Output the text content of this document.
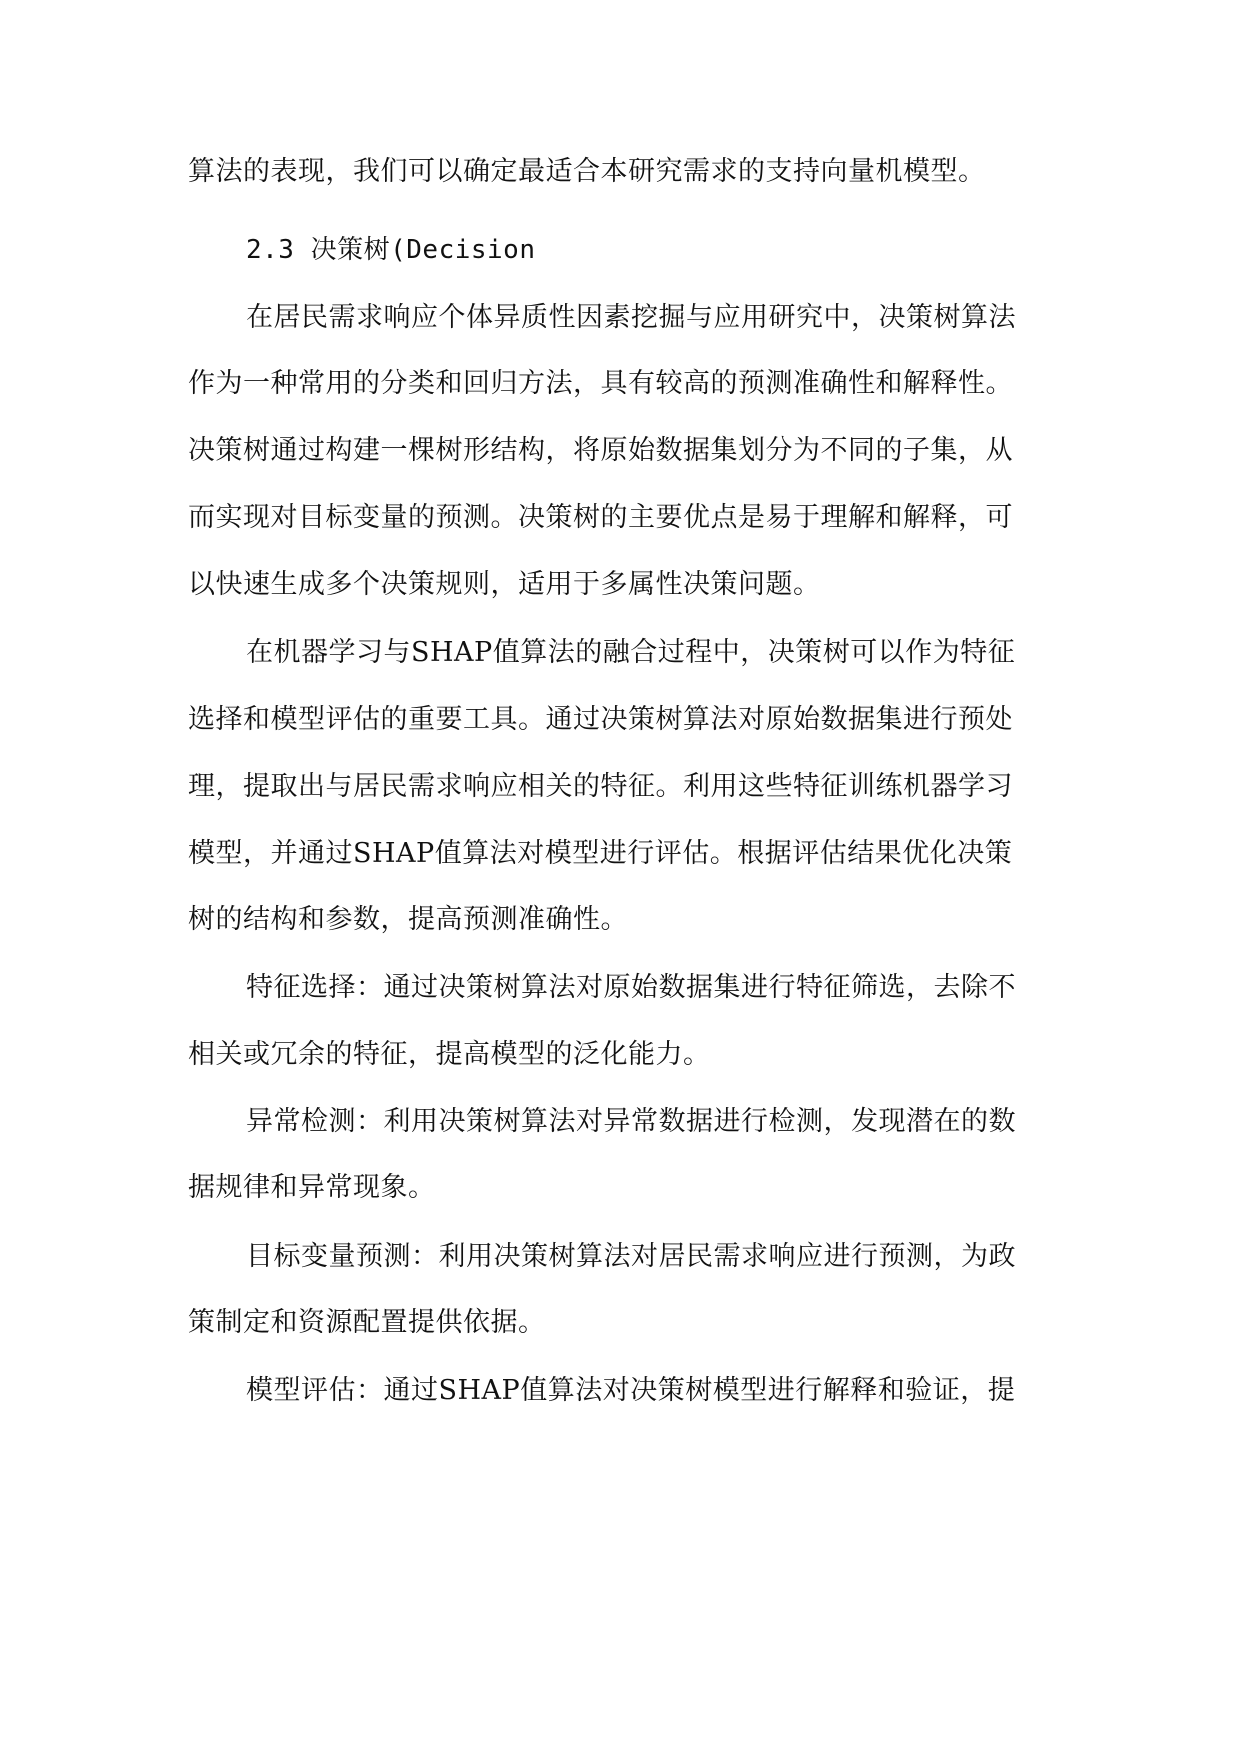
算法的表现，我们可以确定最适合本研究需求的支持向量机模型。
2.3 决策树(Decision
在居民需求响应个体异质性因素挖掘与应用研究中，决策树算法
作为一种常用的分类和回归方法，具有较高的预测准确性和解释性。
决策树通过构建一棵树形结构，将原始数据集划分为不同的子集，从
而实现对目标变量的预测。决策树的主要优点是易于理解和解释，可
以快速生成多个决策规则，适用于多属性决策问题。
在机器学习与SHAP值算法的融合过程中，决策树可以作为特征
选择和模型评估的重要工具。通过决策树算法对原始数据集进行预处
理，提取出与居民需求响应相关的特征。利用这些特征训练机器学习
模型，并通过SHAP值算法对模型进行评估。根据评估结果优化决策
树的结构和参数，提高预测准确性。
特征选择：通过决策树算法对原始数据集进行特征筛选，去除不
相关或冗余的特征，提高模型的泛化能力。
异常检测：利用决策树算法对异常数据进行检测，发现潜在的数
据规律和异常现象。
目标变量预测：利用决策树算法对居民需求响应进行预测，为政
策制定和资源配置提供依据。
模型评估：通过SHAP值算法对决策树模型进行解释和验证，提
